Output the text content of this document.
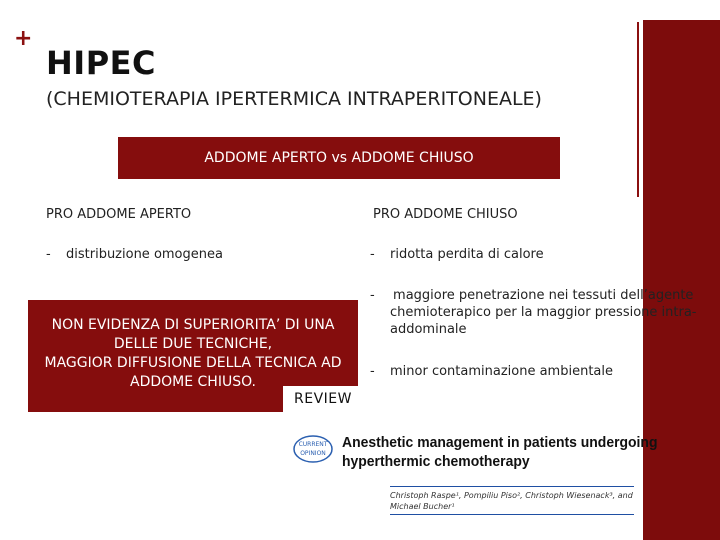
+
HIPEC
(CHEMIOTERAPIA IPERTERMICA INTRAPERITONEALE)
ADDOME APERTO vs ADDOME CHIUSO
PRO ADDOME APERTO	PRO ADDOME CHIUSO
- distribuzione omogenea	- ridotta perdita di calore
- maggiore penetrazione nei tessuti dell’agente
chemioterapico per la maggior pressione intra-
addominale
- minor contaminazione ambientale
NON EVIDENZA DI SUPERIORITA’ DI UNA
DELLE DUE TECNICHE,
MAGGIOR DIFFUSIONE DELLA TECNICA AD
ADDOME CHIUSO.
REVIEW
CURRENT
OPINION
Anesthetic management in patients undergoing
hyperthermic chemotherapy
Christoph Raspe¹, Pompiliu Piso², Christoph Wiesenack³, and
Michael Bucher¹
